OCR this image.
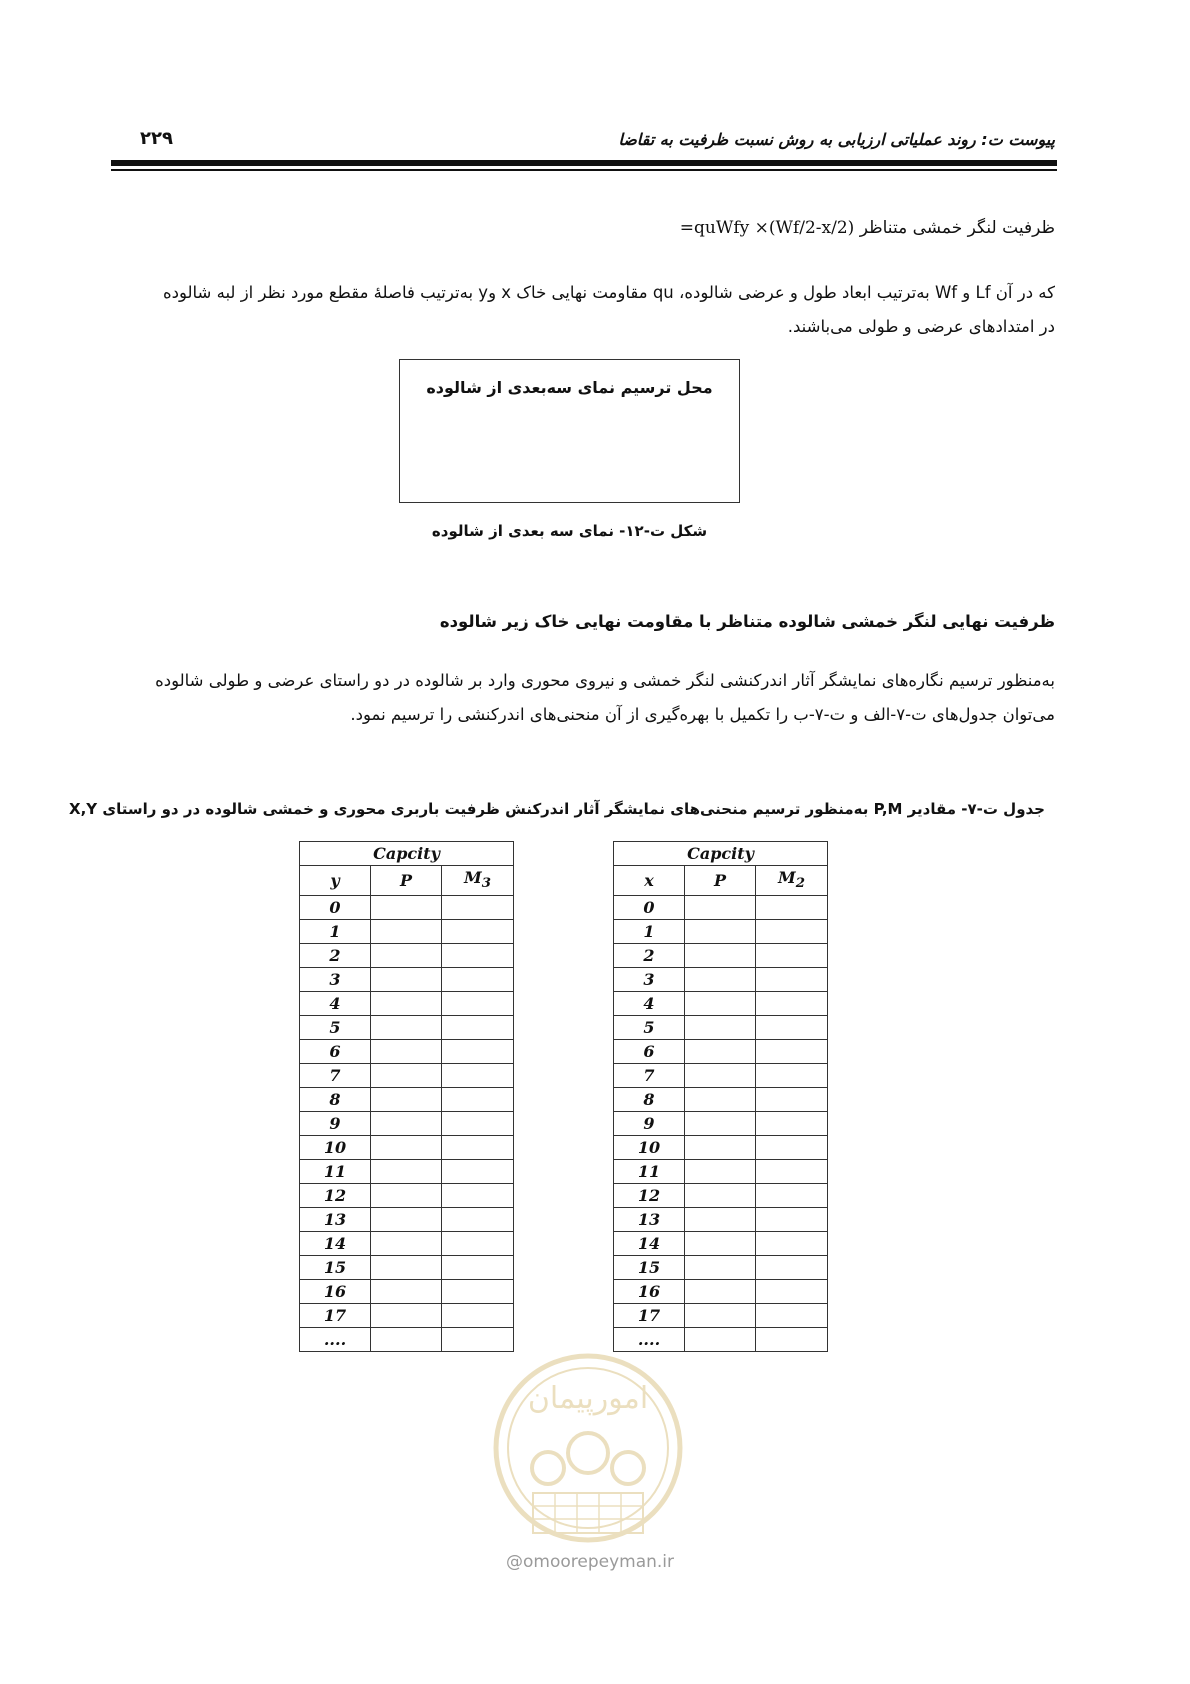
پیوست ت: روند عملیاتی ارزیابی به روش نسبت ظرفیت به تقاضا
۲۲۹
ظرفیت لنگر خمشی متناظر =quWfy ×(Wf/2-x/2)

که در آن Lf و Wf به‌ترتیب ابعاد طول و عرضی شالوده، qu مقاومت نهایی خاک x وy به‌ترتیب فاصلهٔ مقطع مورد نظر از لبه شالوده

در امتدادهای عرضی و طولی می‌باشند.

محل ترسیم نمای سه‌بعدی از شالوده
شکل ت-۱۲- نمای سه بعدی از شالوده
ظرفیت نهایی لنگر خمشی شالوده متناظر با مقاومت نهایی خاک زیر شالوده

به‌منظور ترسیم نگاره‌های نمایشگر آثار اندرکنشی لنگر خمشی و نیروی محوری وارد بر شالوده در دو راستای عرضی و طولی شالوده

می‌توان جدول‌های ت-۷-الف و ت-۷-ب را تکمیل با بهره‌گیری از آن منحنی‌های اندرکنشی را ترسیم نمود.

جدول ت-۷- مقادیر P,M به‌منظور ترسیم منحنی‌های نمایشگر آثار اندرکنش ظرفیت باربری محوری و خمشی شالوده در دو راستای X,Y
Capcity		
y	P	$M_3$
0		
1		
2		
3		
4		
5		
6		
7		
8		
9		
10		
11		
12		
13		
14		
15		
16		
17		
....		
Capcity		
x	P	$M_2$
0		
1		
2		
3		
4		
5		
6		
7		
8		
9		
10		
11		
12		
13		
14		
15		
16		
17		
....		
امورپیمان
@omoorepeyman.ir
